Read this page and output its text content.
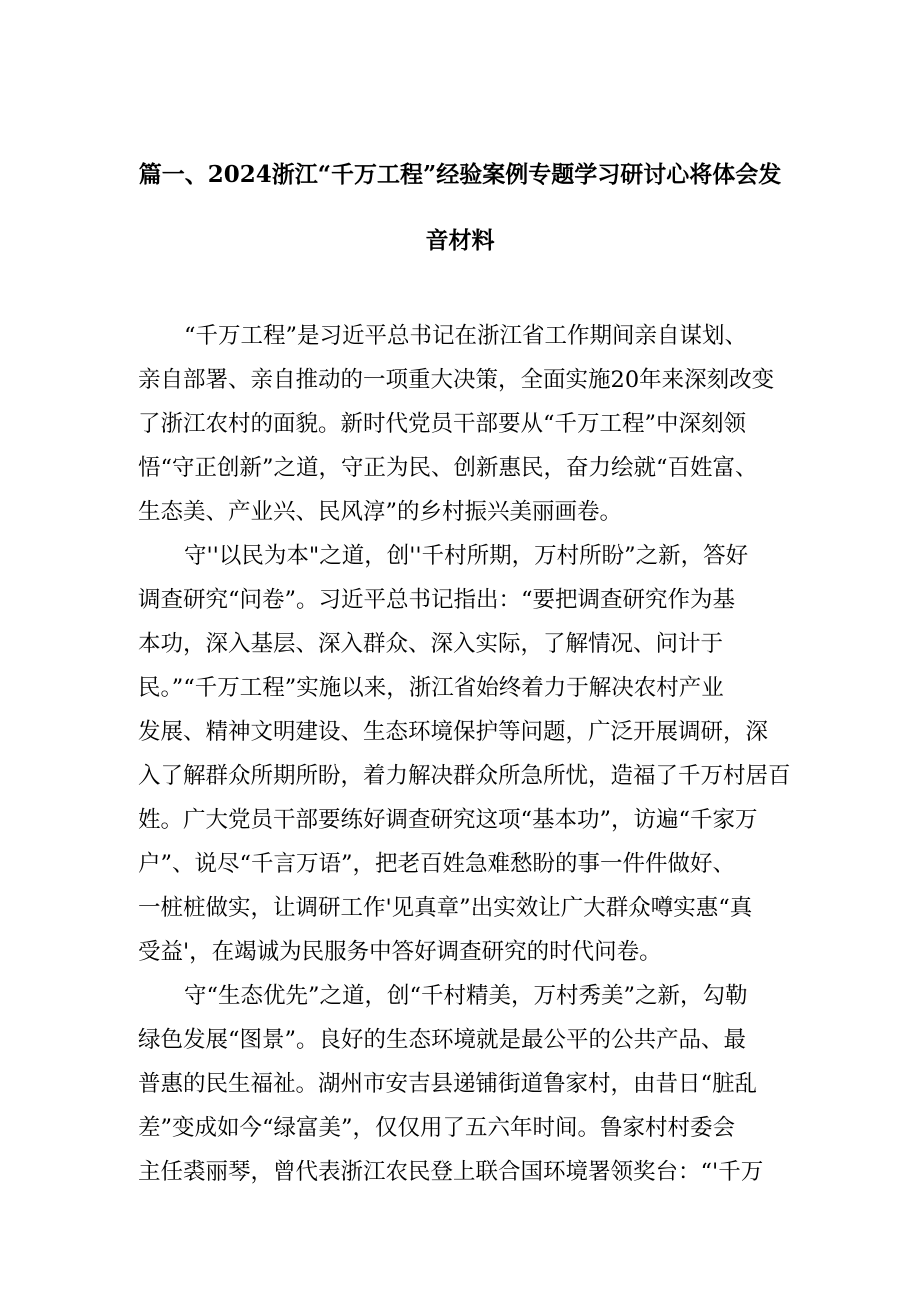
篇一、2024浙江“千万工程”经验案例专题学习研讨心将体会发
音材料
“千万工程”是习近平总书记在浙江省工作期间亲自谋划、
亲自部署、亲自推动的一项重大决策，全面实施20年来深刻改变
了浙江农村的面貌。新时代党员干部要从“千万工程”中深刻领
悟“守正创新”之道，守正为民、创新惠民，奋力绘就“百姓富、
生态美、产业兴、民风淳”的乡村振兴美丽画卷。
守''以民为本"之道，创''千村所期，万村所盼”之新，答好
调查研究“问卷”。习近平总书记指出：“要把调查研究作为基
本功，深入基层、深入群众、深入实际，了解情况、问计于
民。”“千万工程”实施以来，浙江省始终着力于解决农村产业
发展、精神文明建设、生态环境保护等问题，广泛开展调研，深
入了解群众所期所盼，着力解决群众所急所忧，造福了千万村居百
姓。广大党员干部要练好调查研究这项“基本功”，访遍“千家万
户”、说尽“千言万语”，把老百姓急难愁盼的事一件件做好、
一桩桩做实，让调研工作'见真章”出实效让广大群众噂实惠“真
受益'，在竭诚为民服务中答好调查研究的时代问卷。
守“生态优先”之道，创“千村精美，万村秀美”之新，勾勒
绿色发展“图景”。良好的生态环境就是最公平的公共产品、最
普惠的民生福祉。湖州市安吉县递铺街道鲁家村，由昔日“脏乱
差”变成如今“绿富美”，仅仅用了五六年时间。鲁家村村委会
主任裘丽琴，曾代表浙江农民登上联合国环境署领奖台：“'千万
